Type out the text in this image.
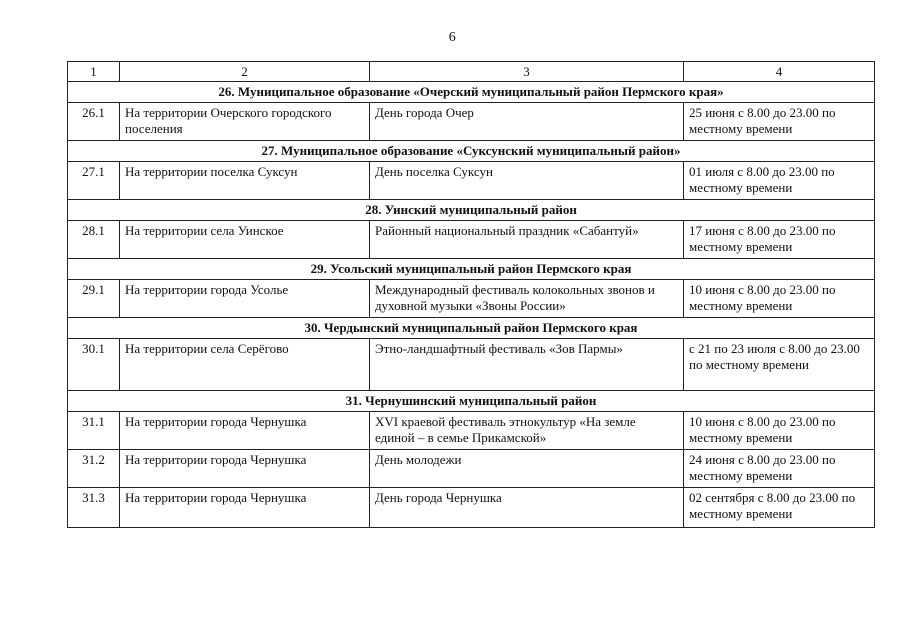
6
1	2	3	4
26. Муниципальное образование «Очерский муниципальный район Пермского края»			
26.1	На территории Очерского городского поселения	День города Очер	25 июня с 8.00 до 23.00 по местному времени
27. Муниципальное образование «Суксунский муниципальный район»			
27.1	На территории поселка Суксун	День поселка Суксун	01 июля с 8.00 до 23.00 по местному времени
28. Уинский муниципальный район			
28.1	На территории села Уинское	Районный национальный праздник «Сабантуй»	17 июня с 8.00 до 23.00 по местному времени
29. Усольский муниципальный район Пермского края			
29.1	На территории города Усолье	Международный фестиваль колокольных звонов и духовной музыки «Звоны России»	10 июня с 8.00 до 23.00 по местному времени
30. Чердынский муниципальный район Пермского края			
30.1	На территории села Серёгово	Этно-ландшафтный фестиваль «Зов Пармы»	с 21 по 23 июля с 8.00 до 23.00 по местному времени
31. Чернушинский муниципальный район			
31.1	На территории города Чернушка	XVI краевой фестиваль этнокультур «На земле единой – в семье Прикамской»	10 июня с 8.00 до 23.00 по местному времени
31.2	На территории города Чернушка	День молодежи	24 июня с 8.00 до 23.00 по местному времени
31.3	На территории города Чернушка	День города Чернушка	02 сентября с 8.00 до 23.00 по местному времени
